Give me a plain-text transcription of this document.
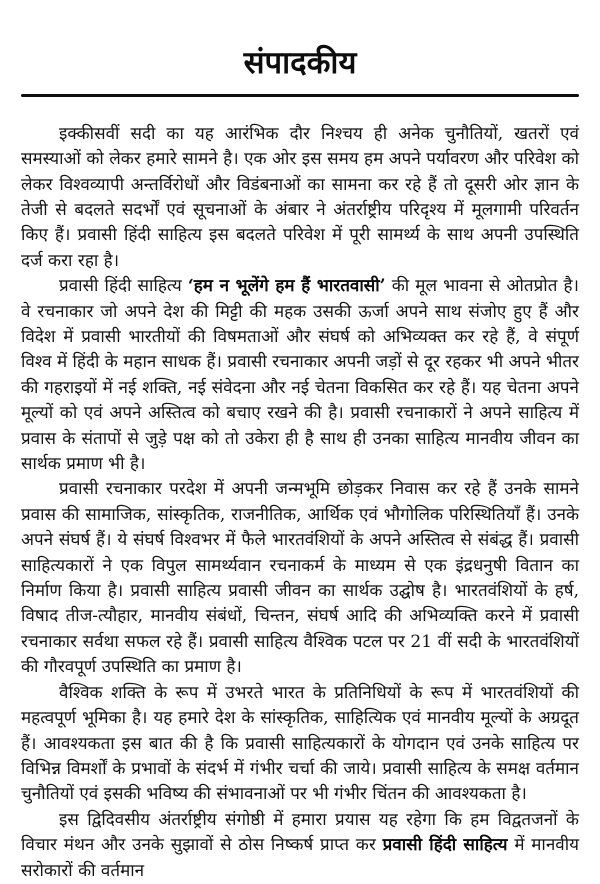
संपादकीय

इक्कीसवीं सदी का यह आरंभिक दौर निश्चय ही अनेक चुनौतियों, खतरों एवं समस्याओं को लेकर हमारे सामने है। एक ओर इस समय हम अपने पर्यावरण और परिवेश को लेकर विश्वव्यापी अन्तर्विरोधों और विडंबनाओं का सामना कर रहे हैं तो दूसरी ओर ज्ञान के तेजी से बदलते सदर्भों एवं सूचनाओं के अंबार ने अंतर्राष्ट्रीय परिदृश्य में मूलगामी परिवर्तन किए हैं। प्रवासी हिंदी साहित्य इस बदलते परिवेश में पूरी सामर्थ्य के साथ अपनी उपस्थिति दर्ज करा रहा है।

प्रवासी हिंदी साहित्य ‘हम न भूलेंगे हम हैं भारतवासी’ की मूल भावना से ओतप्रोत है। वे रचनाकार जो अपने देश की मिट्टी की महक उसकी ऊर्जा अपने साथ संजोए हुए हैं और विदेश में प्रवासी भारतीयों की विषमताओं और संघर्ष को अभिव्यक्त कर रहे हैं, वे संपूर्ण विश्व में हिंदी के महान साधक हैं। प्रवासी रचनाकार अपनी जड़ों से दूर रहकर भी अपने भीतर की गहराइयों में नई शक्ति, नई संवेदना और नई चेतना विकसित कर रहे हैं। यह चेतना अपने मूल्यों को एवं अपने अस्तित्व को बचाए रखने की है। प्रवासी रचनाकारों ने अपने साहित्य में प्रवास के संतापों से जुड़े पक्ष को तो उकेरा ही है साथ ही उनका साहित्य मानवीय जीवन का सार्थक प्रमाण भी है।

प्रवासी रचनाकार परदेश में अपनी जन्मभूमि छोड़कर निवास कर रहे हैं उनके सामने प्रवास की सामाजिक, सांस्कृतिक, राजनीतिक, आर्थिक एवं भौगोलिक परिस्थितियाँ हैं। उनके अपने संघर्ष हैं। ये संघर्ष विश्वभर में फैले भारतवंशियों के अपने अस्तित्व से संबंद्ध हैं। प्रवासी साहित्यकारों ने एक विपुल सामर्थ्यवान रचनाकर्म के माध्यम से एक इंद्रधनुषी वितान का निर्माण किया है। प्रवासी साहित्य प्रवासी जीवन का सार्थक उद्घोष है। भारतवंशियों के हर्ष, विषाद तीज-त्यौहार, मानवीय संबंधों, चिन्तन, संघर्ष आदि की अभिव्यक्ति करने में प्रवासी रचनाकार सर्वथा सफल रहे हैं। प्रवासी साहित्य वैश्विक पटल पर 21 वीं सदी के भारतवंशियों की गौरवपूर्ण उपस्थिति का प्रमाण है।

वैश्विक शक्ति के रूप में उभरते भारत के प्रतिनिधियों के रूप में भारतवंशियों की महत्वपूर्ण भूमिका है। यह हमारे देश के सांस्कृतिक, साहित्यिक एवं मानवीय मूल्यों के अग्रदूत हैं। आवश्यकता इस बात की है कि प्रवासी साहित्यकारों के योगदान एवं उनके साहित्य पर विभिन्न विमर्शों के प्रभावों के संदर्भ में गंभीर चर्चा की जाये। प्रवासी साहित्य के समक्ष वर्तमान चुनौतियों एवं इसकी भविष्य की संभावनाओं पर भी गंभीर चिंतन की आवश्यकता है।

इस द्विदिवसीय अंतर्राष्ट्रीय संगोष्ठी में हमारा प्रयास यह रहेगा कि हम विद्वतजनों के विचार मंथन और उनके सुझावों से ठोस निष्कर्ष प्राप्त कर प्रवासी हिंदी साहित्य में मानवीय सरोकारों की वर्तमान
